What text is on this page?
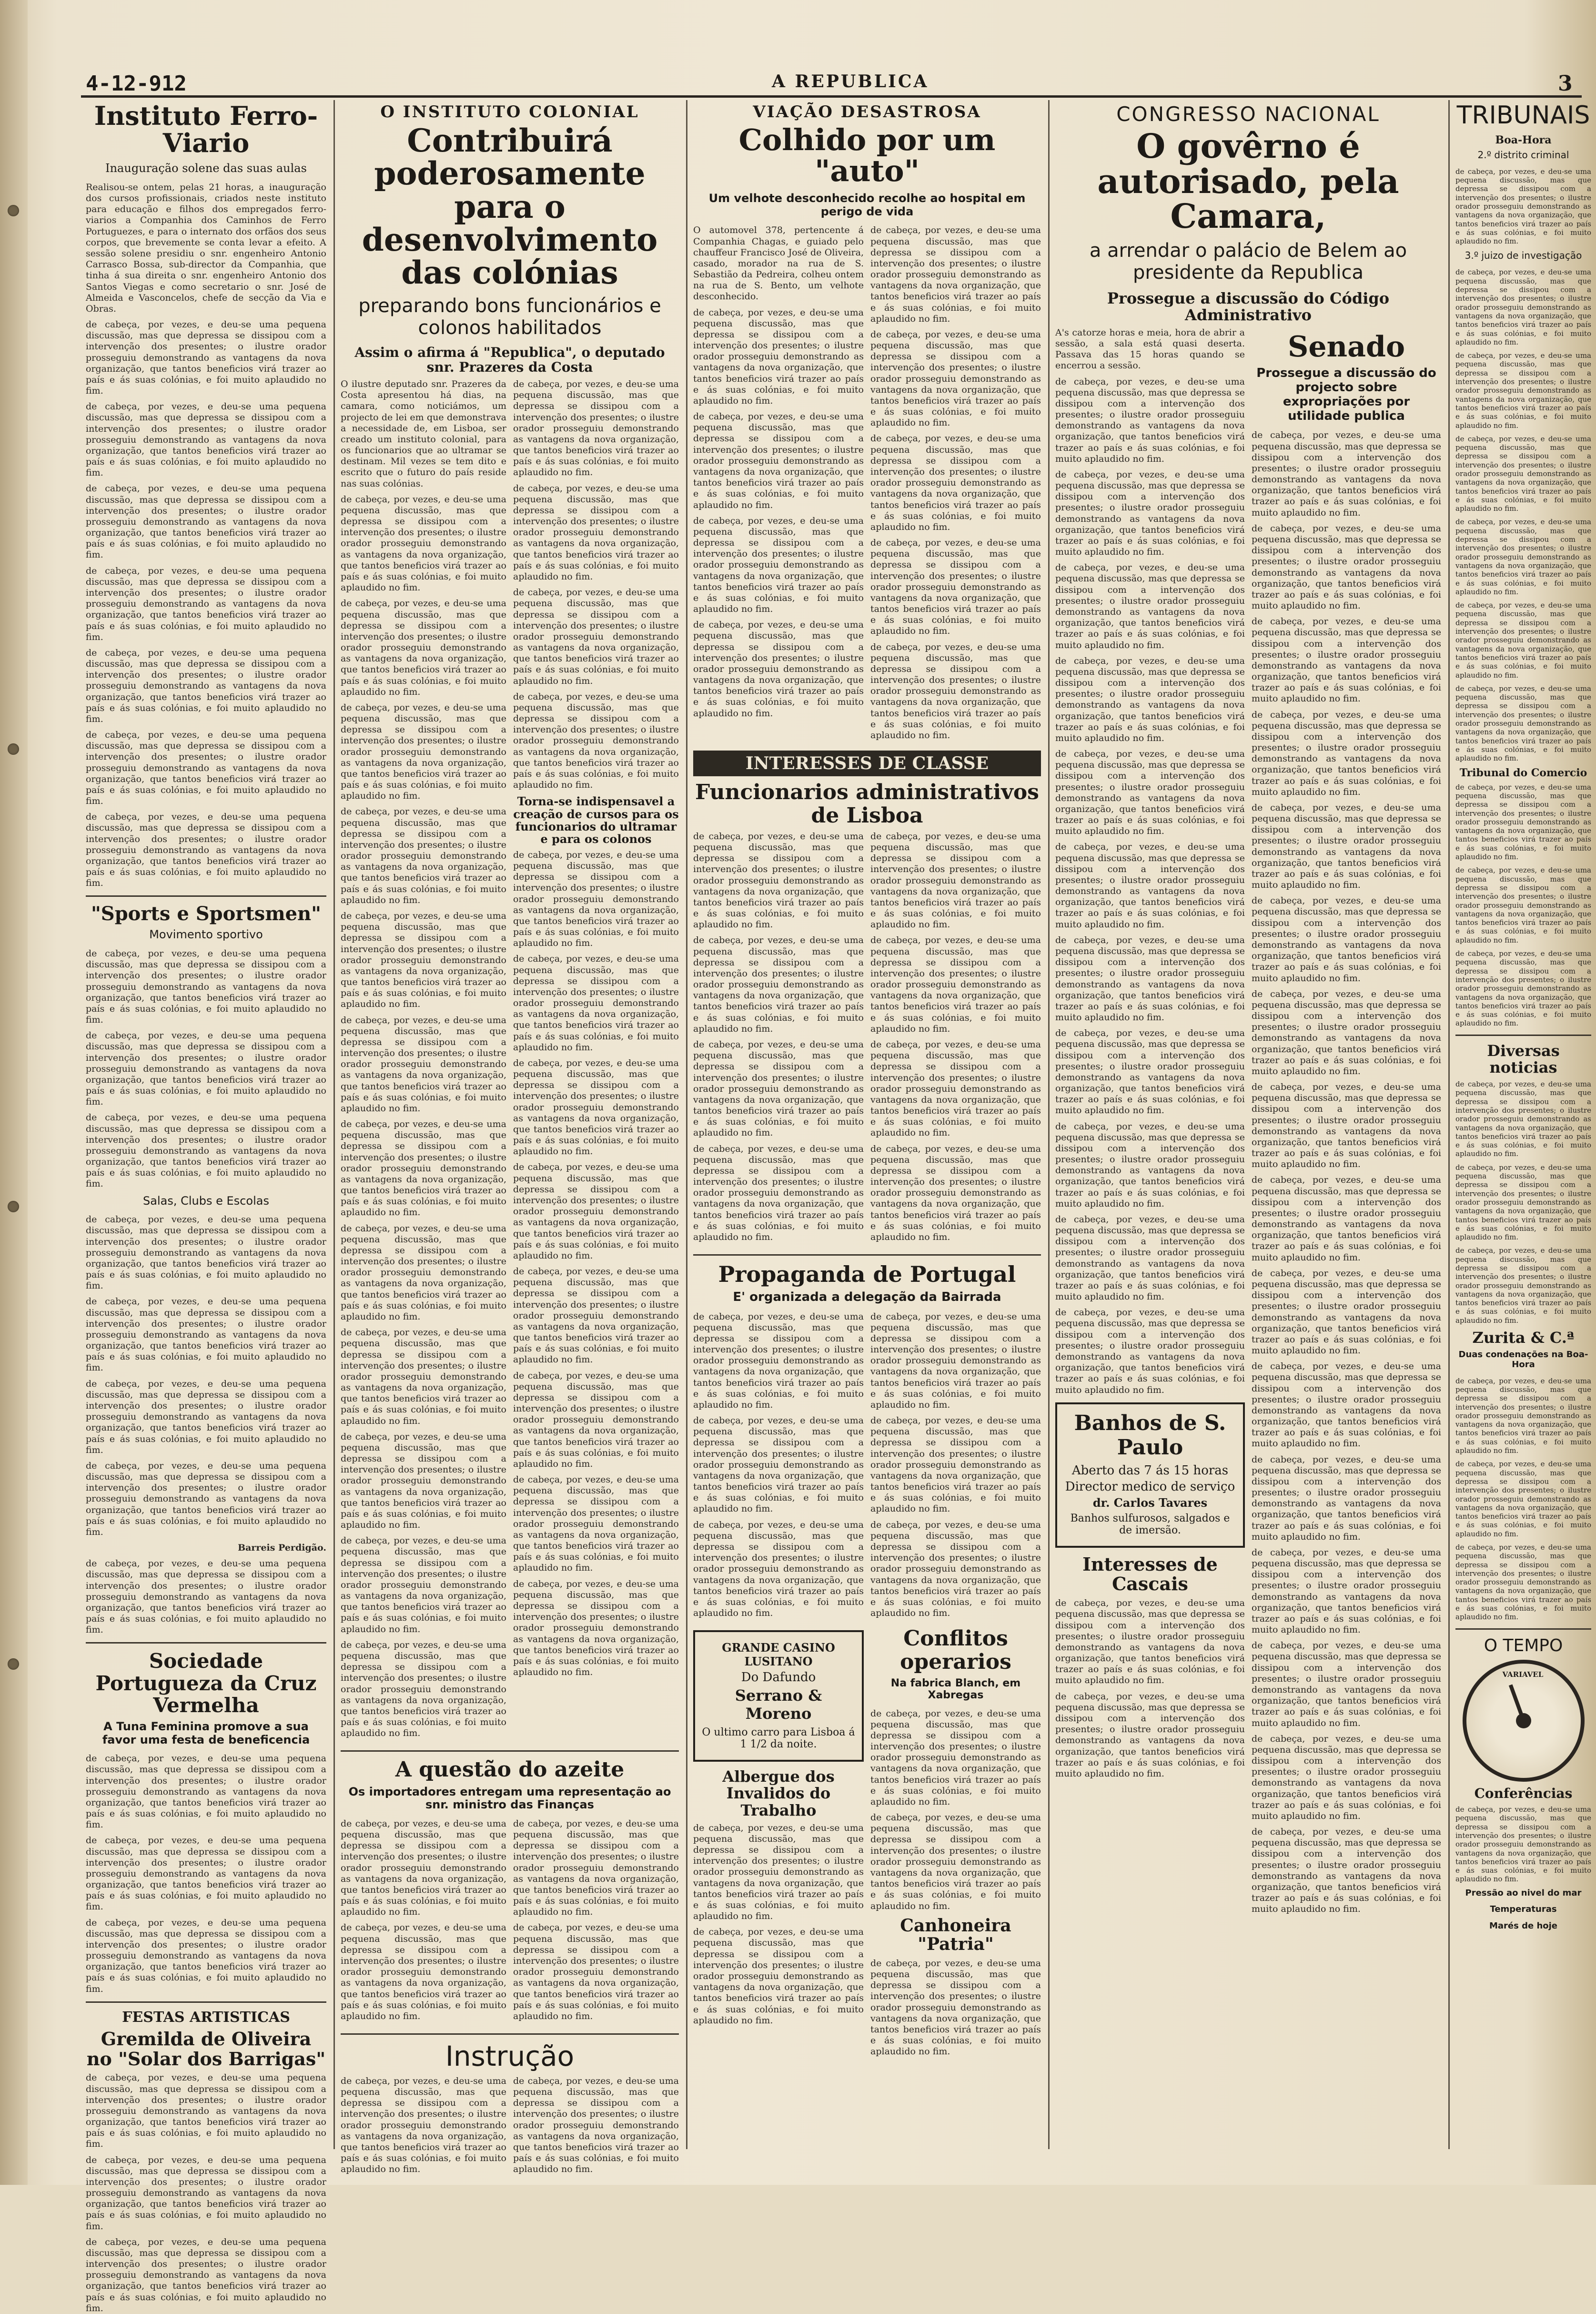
4-12-912	A REPUBLICA	3
Instituto Ferro-Viario
Inauguração solene das suas aulas
Realisou-se ontem, pelas 21 horas, a inauguração dos cursos profissionais, criados neste instituto para educação e filhos dos empregados ferro-viarios a Companhia dos Caminhos de Ferro Portuguezes, e para o internato dos orfãos dos seus corpos, que brevemente se conta levar a efeito. A sessão solene presidiu o snr. engenheiro Antonio Carrasco Bossa, sub-director da Companhia, que tinha á sua direita o snr. engenheiro Antonio dos Santos Viegas e como secretario o snr. José de Almeida e Vasconcelos, chefe de secção da Via e Obras.
de cabeça, por vezes, e deu-se uma pequena discussão, mas que depressa se dissipou com a intervenção dos presentes; o ilustre orador prosseguiu demonstrando as vantagens da nova organização, que tantos beneficios virá trazer ao país e ás suas colónias, e foi muito aplaudido no fim.
de cabeça, por vezes, e deu-se uma pequena discussão, mas que depressa se dissipou com a intervenção dos presentes; o ilustre orador prosseguiu demonstrando as vantagens da nova organização, que tantos beneficios virá trazer ao país e ás suas colónias, e foi muito aplaudido no fim.
de cabeça, por vezes, e deu-se uma pequena discussão, mas que depressa se dissipou com a intervenção dos presentes; o ilustre orador prosseguiu demonstrando as vantagens da nova organização, que tantos beneficios virá trazer ao país e ás suas colónias, e foi muito aplaudido no fim.
de cabeça, por vezes, e deu-se uma pequena discussão, mas que depressa se dissipou com a intervenção dos presentes; o ilustre orador prosseguiu demonstrando as vantagens da nova organização, que tantos beneficios virá trazer ao país e ás suas colónias, e foi muito aplaudido no fim.
de cabeça, por vezes, e deu-se uma pequena discussão, mas que depressa se dissipou com a intervenção dos presentes; o ilustre orador prosseguiu demonstrando as vantagens da nova organização, que tantos beneficios virá trazer ao país e ás suas colónias, e foi muito aplaudido no fim.
de cabeça, por vezes, e deu-se uma pequena discussão, mas que depressa se dissipou com a intervenção dos presentes; o ilustre orador prosseguiu demonstrando as vantagens da nova organização, que tantos beneficios virá trazer ao país e ás suas colónias, e foi muito aplaudido no fim.
de cabeça, por vezes, e deu-se uma pequena discussão, mas que depressa se dissipou com a intervenção dos presentes; o ilustre orador prosseguiu demonstrando as vantagens da nova organização, que tantos beneficios virá trazer ao país e ás suas colónias, e foi muito aplaudido no fim.
"Sports e Sportsmen"
Movimento sportivo
de cabeça, por vezes, e deu-se uma pequena discussão, mas que depressa se dissipou com a intervenção dos presentes; o ilustre orador prosseguiu demonstrando as vantagens da nova organização, que tantos beneficios virá trazer ao país e ás suas colónias, e foi muito aplaudido no fim.
de cabeça, por vezes, e deu-se uma pequena discussão, mas que depressa se dissipou com a intervenção dos presentes; o ilustre orador prosseguiu demonstrando as vantagens da nova organização, que tantos beneficios virá trazer ao país e ás suas colónias, e foi muito aplaudido no fim.
de cabeça, por vezes, e deu-se uma pequena discussão, mas que depressa se dissipou com a intervenção dos presentes; o ilustre orador prosseguiu demonstrando as vantagens da nova organização, que tantos beneficios virá trazer ao país e ás suas colónias, e foi muito aplaudido no fim.
Salas, Clubs e Escolas
de cabeça, por vezes, e deu-se uma pequena discussão, mas que depressa se dissipou com a intervenção dos presentes; o ilustre orador prosseguiu demonstrando as vantagens da nova organização, que tantos beneficios virá trazer ao país e ás suas colónias, e foi muito aplaudido no fim.
de cabeça, por vezes, e deu-se uma pequena discussão, mas que depressa se dissipou com a intervenção dos presentes; o ilustre orador prosseguiu demonstrando as vantagens da nova organização, que tantos beneficios virá trazer ao país e ás suas colónias, e foi muito aplaudido no fim.
de cabeça, por vezes, e deu-se uma pequena discussão, mas que depressa se dissipou com a intervenção dos presentes; o ilustre orador prosseguiu demonstrando as vantagens da nova organização, que tantos beneficios virá trazer ao país e ás suas colónias, e foi muito aplaudido no fim.
de cabeça, por vezes, e deu-se uma pequena discussão, mas que depressa se dissipou com a intervenção dos presentes; o ilustre orador prosseguiu demonstrando as vantagens da nova organização, que tantos beneficios virá trazer ao país e ás suas colónias, e foi muito aplaudido no fim.
Barreis Perdigão.
de cabeça, por vezes, e deu-se uma pequena discussão, mas que depressa se dissipou com a intervenção dos presentes; o ilustre orador prosseguiu demonstrando as vantagens da nova organização, que tantos beneficios virá trazer ao país e ás suas colónias, e foi muito aplaudido no fim.
Sociedade Portugueza da Cruz Vermelha
A Tuna Feminina promove a sua favor uma festa de beneficencia
de cabeça, por vezes, e deu-se uma pequena discussão, mas que depressa se dissipou com a intervenção dos presentes; o ilustre orador prosseguiu demonstrando as vantagens da nova organização, que tantos beneficios virá trazer ao país e ás suas colónias, e foi muito aplaudido no fim.
de cabeça, por vezes, e deu-se uma pequena discussão, mas que depressa se dissipou com a intervenção dos presentes; o ilustre orador prosseguiu demonstrando as vantagens da nova organização, que tantos beneficios virá trazer ao país e ás suas colónias, e foi muito aplaudido no fim.
de cabeça, por vezes, e deu-se uma pequena discussão, mas que depressa se dissipou com a intervenção dos presentes; o ilustre orador prosseguiu demonstrando as vantagens da nova organização, que tantos beneficios virá trazer ao país e ás suas colónias, e foi muito aplaudido no fim.
FESTAS ARTISTICAS
Gremilda de Oliveira no "Solar dos Barrigas"
de cabeça, por vezes, e deu-se uma pequena discussão, mas que depressa se dissipou com a intervenção dos presentes; o ilustre orador prosseguiu demonstrando as vantagens da nova organização, que tantos beneficios virá trazer ao país e ás suas colónias, e foi muito aplaudido no fim.
de cabeça, por vezes, e deu-se uma pequena discussão, mas que depressa se dissipou com a intervenção dos presentes; o ilustre orador prosseguiu demonstrando as vantagens da nova organização, que tantos beneficios virá trazer ao país e ás suas colónias, e foi muito aplaudido no fim.
de cabeça, por vezes, e deu-se uma pequena discussão, mas que depressa se dissipou com a intervenção dos presentes; o ilustre orador prosseguiu demonstrando as vantagens da nova organização, que tantos beneficios virá trazer ao país e ás suas colónias, e foi muito aplaudido no fim.
O INSTITUTO COLONIAL
Contribuirá poderosamente para o desenvolvimento das colónias
preparando bons funcionários e colonos habilitados
Assim o afirma á "Republica", o deputado snr. Prazeres da Costa
O ilustre deputado snr. Prazeres da Costa apresentou há dias, na camara, como noticiámos, um projecto de lei em que demonstrava a necessidade de, em Lisboa, ser creado um instituto colonial, para os funcionarios que ao ultramar se destinam. Mil vezes se tem dito e escrito que o futuro do país reside nas suas colónias.
de cabeça, por vezes, e deu-se uma pequena discussão, mas que depressa se dissipou com a intervenção dos presentes; o ilustre orador prosseguiu demonstrando as vantagens da nova organização, que tantos beneficios virá trazer ao país e ás suas colónias, e foi muito aplaudido no fim.
de cabeça, por vezes, e deu-se uma pequena discussão, mas que depressa se dissipou com a intervenção dos presentes; o ilustre orador prosseguiu demonstrando as vantagens da nova organização, que tantos beneficios virá trazer ao país e ás suas colónias, e foi muito aplaudido no fim.
de cabeça, por vezes, e deu-se uma pequena discussão, mas que depressa se dissipou com a intervenção dos presentes; o ilustre orador prosseguiu demonstrando as vantagens da nova organização, que tantos beneficios virá trazer ao país e ás suas colónias, e foi muito aplaudido no fim.
de cabeça, por vezes, e deu-se uma pequena discussão, mas que depressa se dissipou com a intervenção dos presentes; o ilustre orador prosseguiu demonstrando as vantagens da nova organização, que tantos beneficios virá trazer ao país e ás suas colónias, e foi muito aplaudido no fim.
de cabeça, por vezes, e deu-se uma pequena discussão, mas que depressa se dissipou com a intervenção dos presentes; o ilustre orador prosseguiu demonstrando as vantagens da nova organização, que tantos beneficios virá trazer ao país e ás suas colónias, e foi muito aplaudido no fim.
de cabeça, por vezes, e deu-se uma pequena discussão, mas que depressa se dissipou com a intervenção dos presentes; o ilustre orador prosseguiu demonstrando as vantagens da nova organização, que tantos beneficios virá trazer ao país e ás suas colónias, e foi muito aplaudido no fim.
de cabeça, por vezes, e deu-se uma pequena discussão, mas que depressa se dissipou com a intervenção dos presentes; o ilustre orador prosseguiu demonstrando as vantagens da nova organização, que tantos beneficios virá trazer ao país e ás suas colónias, e foi muito aplaudido no fim.
de cabeça, por vezes, e deu-se uma pequena discussão, mas que depressa se dissipou com a intervenção dos presentes; o ilustre orador prosseguiu demonstrando as vantagens da nova organização, que tantos beneficios virá trazer ao país e ás suas colónias, e foi muito aplaudido no fim.
de cabeça, por vezes, e deu-se uma pequena discussão, mas que depressa se dissipou com a intervenção dos presentes; o ilustre orador prosseguiu demonstrando as vantagens da nova organização, que tantos beneficios virá trazer ao país e ás suas colónias, e foi muito aplaudido no fim.
de cabeça, por vezes, e deu-se uma pequena discussão, mas que depressa se dissipou com a intervenção dos presentes; o ilustre orador prosseguiu demonstrando as vantagens da nova organização, que tantos beneficios virá trazer ao país e ás suas colónias, e foi muito aplaudido no fim.
de cabeça, por vezes, e deu-se uma pequena discussão, mas que depressa se dissipou com a intervenção dos presentes; o ilustre orador prosseguiu demonstrando as vantagens da nova organização, que tantos beneficios virá trazer ao país e ás suas colónias, e foi muito aplaudido no fim.
de cabeça, por vezes, e deu-se uma pequena discussão, mas que depressa se dissipou com a intervenção dos presentes; o ilustre orador prosseguiu demonstrando as vantagens da nova organização, que tantos beneficios virá trazer ao país e ás suas colónias, e foi muito aplaudido no fim.
de cabeça, por vezes, e deu-se uma pequena discussão, mas que depressa se dissipou com a intervenção dos presentes; o ilustre orador prosseguiu demonstrando as vantagens da nova organização, que tantos beneficios virá trazer ao país e ás suas colónias, e foi muito aplaudido no fim.
de cabeça, por vezes, e deu-se uma pequena discussão, mas que depressa se dissipou com a intervenção dos presentes; o ilustre orador prosseguiu demonstrando as vantagens da nova organização, que tantos beneficios virá trazer ao país e ás suas colónias, e foi muito aplaudido no fim.
de cabeça, por vezes, e deu-se uma pequena discussão, mas que depressa se dissipou com a intervenção dos presentes; o ilustre orador prosseguiu demonstrando as vantagens da nova organização, que tantos beneficios virá trazer ao país e ás suas colónias, e foi muito aplaudido no fim.
de cabeça, por vezes, e deu-se uma pequena discussão, mas que depressa se dissipou com a intervenção dos presentes; o ilustre orador prosseguiu demonstrando as vantagens da nova organização, que tantos beneficios virá trazer ao país e ás suas colónias, e foi muito aplaudido no fim.
Torna-se indispensavel a creação de cursos para os funcionarios do ultramar e para os colonos
de cabeça, por vezes, e deu-se uma pequena discussão, mas que depressa se dissipou com a intervenção dos presentes; o ilustre orador prosseguiu demonstrando as vantagens da nova organização, que tantos beneficios virá trazer ao país e ás suas colónias, e foi muito aplaudido no fim.
de cabeça, por vezes, e deu-se uma pequena discussão, mas que depressa se dissipou com a intervenção dos presentes; o ilustre orador prosseguiu demonstrando as vantagens da nova organização, que tantos beneficios virá trazer ao país e ás suas colónias, e foi muito aplaudido no fim.
de cabeça, por vezes, e deu-se uma pequena discussão, mas que depressa se dissipou com a intervenção dos presentes; o ilustre orador prosseguiu demonstrando as vantagens da nova organização, que tantos beneficios virá trazer ao país e ás suas colónias, e foi muito aplaudido no fim.
de cabeça, por vezes, e deu-se uma pequena discussão, mas que depressa se dissipou com a intervenção dos presentes; o ilustre orador prosseguiu demonstrando as vantagens da nova organização, que tantos beneficios virá trazer ao país e ás suas colónias, e foi muito aplaudido no fim.
de cabeça, por vezes, e deu-se uma pequena discussão, mas que depressa se dissipou com a intervenção dos presentes; o ilustre orador prosseguiu demonstrando as vantagens da nova organização, que tantos beneficios virá trazer ao país e ás suas colónias, e foi muito aplaudido no fim.
de cabeça, por vezes, e deu-se uma pequena discussão, mas que depressa se dissipou com a intervenção dos presentes; o ilustre orador prosseguiu demonstrando as vantagens da nova organização, que tantos beneficios virá trazer ao país e ás suas colónias, e foi muito aplaudido no fim.
de cabeça, por vezes, e deu-se uma pequena discussão, mas que depressa se dissipou com a intervenção dos presentes; o ilustre orador prosseguiu demonstrando as vantagens da nova organização, que tantos beneficios virá trazer ao país e ás suas colónias, e foi muito aplaudido no fim.
de cabeça, por vezes, e deu-se uma pequena discussão, mas que depressa se dissipou com a intervenção dos presentes; o ilustre orador prosseguiu demonstrando as vantagens da nova organização, que tantos beneficios virá trazer ao país e ás suas colónias, e foi muito aplaudido no fim.
A questão do azeite
Os importadores entregam uma representação ao snr. ministro das Finanças
de cabeça, por vezes, e deu-se uma pequena discussão, mas que depressa se dissipou com a intervenção dos presentes; o ilustre orador prosseguiu demonstrando as vantagens da nova organização, que tantos beneficios virá trazer ao país e ás suas colónias, e foi muito aplaudido no fim.
de cabeça, por vezes, e deu-se uma pequena discussão, mas que depressa se dissipou com a intervenção dos presentes; o ilustre orador prosseguiu demonstrando as vantagens da nova organização, que tantos beneficios virá trazer ao país e ás suas colónias, e foi muito aplaudido no fim.
de cabeça, por vezes, e deu-se uma pequena discussão, mas que depressa se dissipou com a intervenção dos presentes; o ilustre orador prosseguiu demonstrando as vantagens da nova organização, que tantos beneficios virá trazer ao país e ás suas colónias, e foi muito aplaudido no fim.
de cabeça, por vezes, e deu-se uma pequena discussão, mas que depressa se dissipou com a intervenção dos presentes; o ilustre orador prosseguiu demonstrando as vantagens da nova organização, que tantos beneficios virá trazer ao país e ás suas colónias, e foi muito aplaudido no fim.
Instrução
de cabeça, por vezes, e deu-se uma pequena discussão, mas que depressa se dissipou com a intervenção dos presentes; o ilustre orador prosseguiu demonstrando as vantagens da nova organização, que tantos beneficios virá trazer ao país e ás suas colónias, e foi muito aplaudido no fim.
de cabeça, por vezes, e deu-se uma pequena discussão, mas que depressa se dissipou com a intervenção dos presentes; o ilustre orador prosseguiu demonstrando as vantagens da nova organização, que tantos beneficios virá trazer ao país e ás suas colónias, e foi muito aplaudido no fim.
VIAÇÃO DESASTROSA
Colhido por um "auto"
Um velhote desconhecido recolhe ao hospital em perigo de vida
O automovel 378, pertencente á Companhia Chagas, e guiado pelo chauffeur Francisco José de Oliveira, casado, morador na rua de S. Sebastião da Pedreira, colheu ontem na rua de S. Bento, um velhote desconhecido.
de cabeça, por vezes, e deu-se uma pequena discussão, mas que depressa se dissipou com a intervenção dos presentes; o ilustre orador prosseguiu demonstrando as vantagens da nova organização, que tantos beneficios virá trazer ao país e ás suas colónias, e foi muito aplaudido no fim.
de cabeça, por vezes, e deu-se uma pequena discussão, mas que depressa se dissipou com a intervenção dos presentes; o ilustre orador prosseguiu demonstrando as vantagens da nova organização, que tantos beneficios virá trazer ao país e ás suas colónias, e foi muito aplaudido no fim.
de cabeça, por vezes, e deu-se uma pequena discussão, mas que depressa se dissipou com a intervenção dos presentes; o ilustre orador prosseguiu demonstrando as vantagens da nova organização, que tantos beneficios virá trazer ao país e ás suas colónias, e foi muito aplaudido no fim.
de cabeça, por vezes, e deu-se uma pequena discussão, mas que depressa se dissipou com a intervenção dos presentes; o ilustre orador prosseguiu demonstrando as vantagens da nova organização, que tantos beneficios virá trazer ao país e ás suas colónias, e foi muito aplaudido no fim.
de cabeça, por vezes, e deu-se uma pequena discussão, mas que depressa se dissipou com a intervenção dos presentes; o ilustre orador prosseguiu demonstrando as vantagens da nova organização, que tantos beneficios virá trazer ao país e ás suas colónias, e foi muito aplaudido no fim.
de cabeça, por vezes, e deu-se uma pequena discussão, mas que depressa se dissipou com a intervenção dos presentes; o ilustre orador prosseguiu demonstrando as vantagens da nova organização, que tantos beneficios virá trazer ao país e ás suas colónias, e foi muito aplaudido no fim.
de cabeça, por vezes, e deu-se uma pequena discussão, mas que depressa se dissipou com a intervenção dos presentes; o ilustre orador prosseguiu demonstrando as vantagens da nova organização, que tantos beneficios virá trazer ao país e ás suas colónias, e foi muito aplaudido no fim.
de cabeça, por vezes, e deu-se uma pequena discussão, mas que depressa se dissipou com a intervenção dos presentes; o ilustre orador prosseguiu demonstrando as vantagens da nova organização, que tantos beneficios virá trazer ao país e ás suas colónias, e foi muito aplaudido no fim.
de cabeça, por vezes, e deu-se uma pequena discussão, mas que depressa se dissipou com a intervenção dos presentes; o ilustre orador prosseguiu demonstrando as vantagens da nova organização, que tantos beneficios virá trazer ao país e ás suas colónias, e foi muito aplaudido no fim.
INTERESSES DE CLASSE
Funcionarios administrativos de Lisboa
de cabeça, por vezes, e deu-se uma pequena discussão, mas que depressa se dissipou com a intervenção dos presentes; o ilustre orador prosseguiu demonstrando as vantagens da nova organização, que tantos beneficios virá trazer ao país e ás suas colónias, e foi muito aplaudido no fim.
de cabeça, por vezes, e deu-se uma pequena discussão, mas que depressa se dissipou com a intervenção dos presentes; o ilustre orador prosseguiu demonstrando as vantagens da nova organização, que tantos beneficios virá trazer ao país e ás suas colónias, e foi muito aplaudido no fim.
de cabeça, por vezes, e deu-se uma pequena discussão, mas que depressa se dissipou com a intervenção dos presentes; o ilustre orador prosseguiu demonstrando as vantagens da nova organização, que tantos beneficios virá trazer ao país e ás suas colónias, e foi muito aplaudido no fim.
de cabeça, por vezes, e deu-se uma pequena discussão, mas que depressa se dissipou com a intervenção dos presentes; o ilustre orador prosseguiu demonstrando as vantagens da nova organização, que tantos beneficios virá trazer ao país e ás suas colónias, e foi muito aplaudido no fim.
de cabeça, por vezes, e deu-se uma pequena discussão, mas que depressa se dissipou com a intervenção dos presentes; o ilustre orador prosseguiu demonstrando as vantagens da nova organização, que tantos beneficios virá trazer ao país e ás suas colónias, e foi muito aplaudido no fim.
de cabeça, por vezes, e deu-se uma pequena discussão, mas que depressa se dissipou com a intervenção dos presentes; o ilustre orador prosseguiu demonstrando as vantagens da nova organização, que tantos beneficios virá trazer ao país e ás suas colónias, e foi muito aplaudido no fim.
de cabeça, por vezes, e deu-se uma pequena discussão, mas que depressa se dissipou com a intervenção dos presentes; o ilustre orador prosseguiu demonstrando as vantagens da nova organização, que tantos beneficios virá trazer ao país e ás suas colónias, e foi muito aplaudido no fim.
de cabeça, por vezes, e deu-se uma pequena discussão, mas que depressa se dissipou com a intervenção dos presentes; o ilustre orador prosseguiu demonstrando as vantagens da nova organização, que tantos beneficios virá trazer ao país e ás suas colónias, e foi muito aplaudido no fim.
Propaganda de Portugal
E' organizada a delegação da Bairrada
de cabeça, por vezes, e deu-se uma pequena discussão, mas que depressa se dissipou com a intervenção dos presentes; o ilustre orador prosseguiu demonstrando as vantagens da nova organização, que tantos beneficios virá trazer ao país e ás suas colónias, e foi muito aplaudido no fim.
de cabeça, por vezes, e deu-se uma pequena discussão, mas que depressa se dissipou com a intervenção dos presentes; o ilustre orador prosseguiu demonstrando as vantagens da nova organização, que tantos beneficios virá trazer ao país e ás suas colónias, e foi muito aplaudido no fim.
de cabeça, por vezes, e deu-se uma pequena discussão, mas que depressa se dissipou com a intervenção dos presentes; o ilustre orador prosseguiu demonstrando as vantagens da nova organização, que tantos beneficios virá trazer ao país e ás suas colónias, e foi muito aplaudido no fim.
de cabeça, por vezes, e deu-se uma pequena discussão, mas que depressa se dissipou com a intervenção dos presentes; o ilustre orador prosseguiu demonstrando as vantagens da nova organização, que tantos beneficios virá trazer ao país e ás suas colónias, e foi muito aplaudido no fim.
de cabeça, por vezes, e deu-se uma pequena discussão, mas que depressa se dissipou com a intervenção dos presentes; o ilustre orador prosseguiu demonstrando as vantagens da nova organização, que tantos beneficios virá trazer ao país e ás suas colónias, e foi muito aplaudido no fim.
de cabeça, por vezes, e deu-se uma pequena discussão, mas que depressa se dissipou com a intervenção dos presentes; o ilustre orador prosseguiu demonstrando as vantagens da nova organização, que tantos beneficios virá trazer ao país e ás suas colónias, e foi muito aplaudido no fim.
GRANDE CASINO LUSITANO
Do Dafundo
Serrano & Moreno
O ultimo carro para Lisboa á 1 1/2 da noite.
Albergue dos Invalidos do Trabalho
de cabeça, por vezes, e deu-se uma pequena discussão, mas que depressa se dissipou com a intervenção dos presentes; o ilustre orador prosseguiu demonstrando as vantagens da nova organização, que tantos beneficios virá trazer ao país e ás suas colónias, e foi muito aplaudido no fim.
de cabeça, por vezes, e deu-se uma pequena discussão, mas que depressa se dissipou com a intervenção dos presentes; o ilustre orador prosseguiu demonstrando as vantagens da nova organização, que tantos beneficios virá trazer ao país e ás suas colónias, e foi muito aplaudido no fim.
Conflitos operarios
Na fabrica Blanch, em Xabregas
de cabeça, por vezes, e deu-se uma pequena discussão, mas que depressa se dissipou com a intervenção dos presentes; o ilustre orador prosseguiu demonstrando as vantagens da nova organização, que tantos beneficios virá trazer ao país e ás suas colónias, e foi muito aplaudido no fim.
de cabeça, por vezes, e deu-se uma pequena discussão, mas que depressa se dissipou com a intervenção dos presentes; o ilustre orador prosseguiu demonstrando as vantagens da nova organização, que tantos beneficios virá trazer ao país e ás suas colónias, e foi muito aplaudido no fim.
Canhoneira "Patria"
de cabeça, por vezes, e deu-se uma pequena discussão, mas que depressa se dissipou com a intervenção dos presentes; o ilustre orador prosseguiu demonstrando as vantagens da nova organização, que tantos beneficios virá trazer ao país e ás suas colónias, e foi muito aplaudido no fim.
CONGRESSO NACIONAL
O govêrno é autorisado, pela Camara,
a arrendar o palácio de Belem ao presidente da Republica
Prossegue a discussão do Código Administrativo
A's catorze horas e meia, hora de abrir a sessão, a sala está quasi deserta. Passava das 15 horas quando se encerrou a sessão.
de cabeça, por vezes, e deu-se uma pequena discussão, mas que depressa se dissipou com a intervenção dos presentes; o ilustre orador prosseguiu demonstrando as vantagens da nova organização, que tantos beneficios virá trazer ao país e ás suas colónias, e foi muito aplaudido no fim.
de cabeça, por vezes, e deu-se uma pequena discussão, mas que depressa se dissipou com a intervenção dos presentes; o ilustre orador prosseguiu demonstrando as vantagens da nova organização, que tantos beneficios virá trazer ao país e ás suas colónias, e foi muito aplaudido no fim.
de cabeça, por vezes, e deu-se uma pequena discussão, mas que depressa se dissipou com a intervenção dos presentes; o ilustre orador prosseguiu demonstrando as vantagens da nova organização, que tantos beneficios virá trazer ao país e ás suas colónias, e foi muito aplaudido no fim.
de cabeça, por vezes, e deu-se uma pequena discussão, mas que depressa se dissipou com a intervenção dos presentes; o ilustre orador prosseguiu demonstrando as vantagens da nova organização, que tantos beneficios virá trazer ao país e ás suas colónias, e foi muito aplaudido no fim.
de cabeça, por vezes, e deu-se uma pequena discussão, mas que depressa se dissipou com a intervenção dos presentes; o ilustre orador prosseguiu demonstrando as vantagens da nova organização, que tantos beneficios virá trazer ao país e ás suas colónias, e foi muito aplaudido no fim.
de cabeça, por vezes, e deu-se uma pequena discussão, mas que depressa se dissipou com a intervenção dos presentes; o ilustre orador prosseguiu demonstrando as vantagens da nova organização, que tantos beneficios virá trazer ao país e ás suas colónias, e foi muito aplaudido no fim.
de cabeça, por vezes, e deu-se uma pequena discussão, mas que depressa se dissipou com a intervenção dos presentes; o ilustre orador prosseguiu demonstrando as vantagens da nova organização, que tantos beneficios virá trazer ao país e ás suas colónias, e foi muito aplaudido no fim.
de cabeça, por vezes, e deu-se uma pequena discussão, mas que depressa se dissipou com a intervenção dos presentes; o ilustre orador prosseguiu demonstrando as vantagens da nova organização, que tantos beneficios virá trazer ao país e ás suas colónias, e foi muito aplaudido no fim.
de cabeça, por vezes, e deu-se uma pequena discussão, mas que depressa se dissipou com a intervenção dos presentes; o ilustre orador prosseguiu demonstrando as vantagens da nova organização, que tantos beneficios virá trazer ao país e ás suas colónias, e foi muito aplaudido no fim.
de cabeça, por vezes, e deu-se uma pequena discussão, mas que depressa se dissipou com a intervenção dos presentes; o ilustre orador prosseguiu demonstrando as vantagens da nova organização, que tantos beneficios virá trazer ao país e ás suas colónias, e foi muito aplaudido no fim.
de cabeça, por vezes, e deu-se uma pequena discussão, mas que depressa se dissipou com a intervenção dos presentes; o ilustre orador prosseguiu demonstrando as vantagens da nova organização, que tantos beneficios virá trazer ao país e ás suas colónias, e foi muito aplaudido no fim.
Banhos de S. Paulo
Aberto das 7 ás 15 horas
Director medico de serviço
dr. Carlos Tavares
Banhos sulfurosos, salgados e de imersão.
Interesses de Cascais
de cabeça, por vezes, e deu-se uma pequena discussão, mas que depressa se dissipou com a intervenção dos presentes; o ilustre orador prosseguiu demonstrando as vantagens da nova organização, que tantos beneficios virá trazer ao país e ás suas colónias, e foi muito aplaudido no fim.
de cabeça, por vezes, e deu-se uma pequena discussão, mas que depressa se dissipou com a intervenção dos presentes; o ilustre orador prosseguiu demonstrando as vantagens da nova organização, que tantos beneficios virá trazer ao país e ás suas colónias, e foi muito aplaudido no fim.
Senado
Prossegue a discussão do projecto sobre expropriações por utilidade publica
de cabeça, por vezes, e deu-se uma pequena discussão, mas que depressa se dissipou com a intervenção dos presentes; o ilustre orador prosseguiu demonstrando as vantagens da nova organização, que tantos beneficios virá trazer ao país e ás suas colónias, e foi muito aplaudido no fim.
de cabeça, por vezes, e deu-se uma pequena discussão, mas que depressa se dissipou com a intervenção dos presentes; o ilustre orador prosseguiu demonstrando as vantagens da nova organização, que tantos beneficios virá trazer ao país e ás suas colónias, e foi muito aplaudido no fim.
de cabeça, por vezes, e deu-se uma pequena discussão, mas que depressa se dissipou com a intervenção dos presentes; o ilustre orador prosseguiu demonstrando as vantagens da nova organização, que tantos beneficios virá trazer ao país e ás suas colónias, e foi muito aplaudido no fim.
de cabeça, por vezes, e deu-se uma pequena discussão, mas que depressa se dissipou com a intervenção dos presentes; o ilustre orador prosseguiu demonstrando as vantagens da nova organização, que tantos beneficios virá trazer ao país e ás suas colónias, e foi muito aplaudido no fim.
de cabeça, por vezes, e deu-se uma pequena discussão, mas que depressa se dissipou com a intervenção dos presentes; o ilustre orador prosseguiu demonstrando as vantagens da nova organização, que tantos beneficios virá trazer ao país e ás suas colónias, e foi muito aplaudido no fim.
de cabeça, por vezes, e deu-se uma pequena discussão, mas que depressa se dissipou com a intervenção dos presentes; o ilustre orador prosseguiu demonstrando as vantagens da nova organização, que tantos beneficios virá trazer ao país e ás suas colónias, e foi muito aplaudido no fim.
de cabeça, por vezes, e deu-se uma pequena discussão, mas que depressa se dissipou com a intervenção dos presentes; o ilustre orador prosseguiu demonstrando as vantagens da nova organização, que tantos beneficios virá trazer ao país e ás suas colónias, e foi muito aplaudido no fim.
de cabeça, por vezes, e deu-se uma pequena discussão, mas que depressa se dissipou com a intervenção dos presentes; o ilustre orador prosseguiu demonstrando as vantagens da nova organização, que tantos beneficios virá trazer ao país e ás suas colónias, e foi muito aplaudido no fim.
de cabeça, por vezes, e deu-se uma pequena discussão, mas que depressa se dissipou com a intervenção dos presentes; o ilustre orador prosseguiu demonstrando as vantagens da nova organização, que tantos beneficios virá trazer ao país e ás suas colónias, e foi muito aplaudido no fim.
de cabeça, por vezes, e deu-se uma pequena discussão, mas que depressa se dissipou com a intervenção dos presentes; o ilustre orador prosseguiu demonstrando as vantagens da nova organização, que tantos beneficios virá trazer ao país e ás suas colónias, e foi muito aplaudido no fim.
de cabeça, por vezes, e deu-se uma pequena discussão, mas que depressa se dissipou com a intervenção dos presentes; o ilustre orador prosseguiu demonstrando as vantagens da nova organização, que tantos beneficios virá trazer ao país e ás suas colónias, e foi muito aplaudido no fim.
de cabeça, por vezes, e deu-se uma pequena discussão, mas que depressa se dissipou com a intervenção dos presentes; o ilustre orador prosseguiu demonstrando as vantagens da nova organização, que tantos beneficios virá trazer ao país e ás suas colónias, e foi muito aplaudido no fim.
de cabeça, por vezes, e deu-se uma pequena discussão, mas que depressa se dissipou com a intervenção dos presentes; o ilustre orador prosseguiu demonstrando as vantagens da nova organização, que tantos beneficios virá trazer ao país e ás suas colónias, e foi muito aplaudido no fim.
de cabeça, por vezes, e deu-se uma pequena discussão, mas que depressa se dissipou com a intervenção dos presentes; o ilustre orador prosseguiu demonstrando as vantagens da nova organização, que tantos beneficios virá trazer ao país e ás suas colónias, e foi muito aplaudido no fim.
de cabeça, por vezes, e deu-se uma pequena discussão, mas que depressa se dissipou com a intervenção dos presentes; o ilustre orador prosseguiu demonstrando as vantagens da nova organização, que tantos beneficios virá trazer ao país e ás suas colónias, e foi muito aplaudido no fim.
de cabeça, por vezes, e deu-se uma pequena discussão, mas que depressa se dissipou com a intervenção dos presentes; o ilustre orador prosseguiu demonstrando as vantagens da nova organização, que tantos beneficios virá trazer ao país e ás suas colónias, e foi muito aplaudido no fim.
TRIBUNAIS
Boa-Hora
2.º distrito criminal
de cabeça, por vezes, e deu-se uma pequena discussão, mas que depressa se dissipou com a intervenção dos presentes; o ilustre orador prosseguiu demonstrando as vantagens da nova organização, que tantos beneficios virá trazer ao país e ás suas colónias, e foi muito aplaudido no fim.
3.º juizo de investigação
de cabeça, por vezes, e deu-se uma pequena discussão, mas que depressa se dissipou com a intervenção dos presentes; o ilustre orador prosseguiu demonstrando as vantagens da nova organização, que tantos beneficios virá trazer ao país e ás suas colónias, e foi muito aplaudido no fim.
de cabeça, por vezes, e deu-se uma pequena discussão, mas que depressa se dissipou com a intervenção dos presentes; o ilustre orador prosseguiu demonstrando as vantagens da nova organização, que tantos beneficios virá trazer ao país e ás suas colónias, e foi muito aplaudido no fim.
de cabeça, por vezes, e deu-se uma pequena discussão, mas que depressa se dissipou com a intervenção dos presentes; o ilustre orador prosseguiu demonstrando as vantagens da nova organização, que tantos beneficios virá trazer ao país e ás suas colónias, e foi muito aplaudido no fim.
de cabeça, por vezes, e deu-se uma pequena discussão, mas que depressa se dissipou com a intervenção dos presentes; o ilustre orador prosseguiu demonstrando as vantagens da nova organização, que tantos beneficios virá trazer ao país e ás suas colónias, e foi muito aplaudido no fim.
de cabeça, por vezes, e deu-se uma pequena discussão, mas que depressa se dissipou com a intervenção dos presentes; o ilustre orador prosseguiu demonstrando as vantagens da nova organização, que tantos beneficios virá trazer ao país e ás suas colónias, e foi muito aplaudido no fim.
de cabeça, por vezes, e deu-se uma pequena discussão, mas que depressa se dissipou com a intervenção dos presentes; o ilustre orador prosseguiu demonstrando as vantagens da nova organização, que tantos beneficios virá trazer ao país e ás suas colónias, e foi muito aplaudido no fim.
Tribunal do Comercio
de cabeça, por vezes, e deu-se uma pequena discussão, mas que depressa se dissipou com a intervenção dos presentes; o ilustre orador prosseguiu demonstrando as vantagens da nova organização, que tantos beneficios virá trazer ao país e ás suas colónias, e foi muito aplaudido no fim.
de cabeça, por vezes, e deu-se uma pequena discussão, mas que depressa se dissipou com a intervenção dos presentes; o ilustre orador prosseguiu demonstrando as vantagens da nova organização, que tantos beneficios virá trazer ao país e ás suas colónias, e foi muito aplaudido no fim.
de cabeça, por vezes, e deu-se uma pequena discussão, mas que depressa se dissipou com a intervenção dos presentes; o ilustre orador prosseguiu demonstrando as vantagens da nova organização, que tantos beneficios virá trazer ao país e ás suas colónias, e foi muito aplaudido no fim.
Diversas noticias
de cabeça, por vezes, e deu-se uma pequena discussão, mas que depressa se dissipou com a intervenção dos presentes; o ilustre orador prosseguiu demonstrando as vantagens da nova organização, que tantos beneficios virá trazer ao país e ás suas colónias, e foi muito aplaudido no fim.
de cabeça, por vezes, e deu-se uma pequena discussão, mas que depressa se dissipou com a intervenção dos presentes; o ilustre orador prosseguiu demonstrando as vantagens da nova organização, que tantos beneficios virá trazer ao país e ás suas colónias, e foi muito aplaudido no fim.
de cabeça, por vezes, e deu-se uma pequena discussão, mas que depressa se dissipou com a intervenção dos presentes; o ilustre orador prosseguiu demonstrando as vantagens da nova organização, que tantos beneficios virá trazer ao país e ás suas colónias, e foi muito aplaudido no fim.
Zurita & C.ª
Duas condenações na Boa-Hora
de cabeça, por vezes, e deu-se uma pequena discussão, mas que depressa se dissipou com a intervenção dos presentes; o ilustre orador prosseguiu demonstrando as vantagens da nova organização, que tantos beneficios virá trazer ao país e ás suas colónias, e foi muito aplaudido no fim.
de cabeça, por vezes, e deu-se uma pequena discussão, mas que depressa se dissipou com a intervenção dos presentes; o ilustre orador prosseguiu demonstrando as vantagens da nova organização, que tantos beneficios virá trazer ao país e ás suas colónias, e foi muito aplaudido no fim.
de cabeça, por vezes, e deu-se uma pequena discussão, mas que depressa se dissipou com a intervenção dos presentes; o ilustre orador prosseguiu demonstrando as vantagens da nova organização, que tantos beneficios virá trazer ao país e ás suas colónias, e foi muito aplaudido no fim.
O TEMPO
VARIAVEL
Conferências
de cabeça, por vezes, e deu-se uma pequena discussão, mas que depressa se dissipou com a intervenção dos presentes; o ilustre orador prosseguiu demonstrando as vantagens da nova organização, que tantos beneficios virá trazer ao país e ás suas colónias, e foi muito aplaudido no fim.
Pressão ao nivel do mar
Temperaturas
Marés de hoje
